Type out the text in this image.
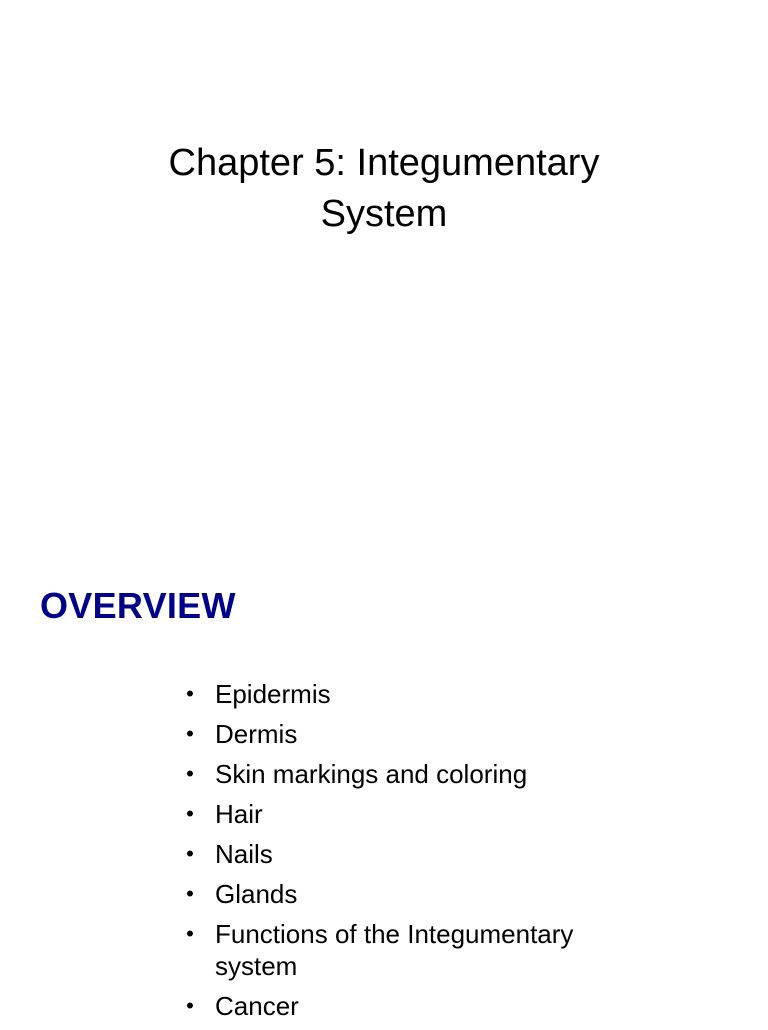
Chapter 5: Integumentary
System
OVERVIEW
• Epidermis
• Dermis
• Skin markings and coloring
• Hair
• Nails
• Glands
• Functions of the Integumentary system
• Cancer
